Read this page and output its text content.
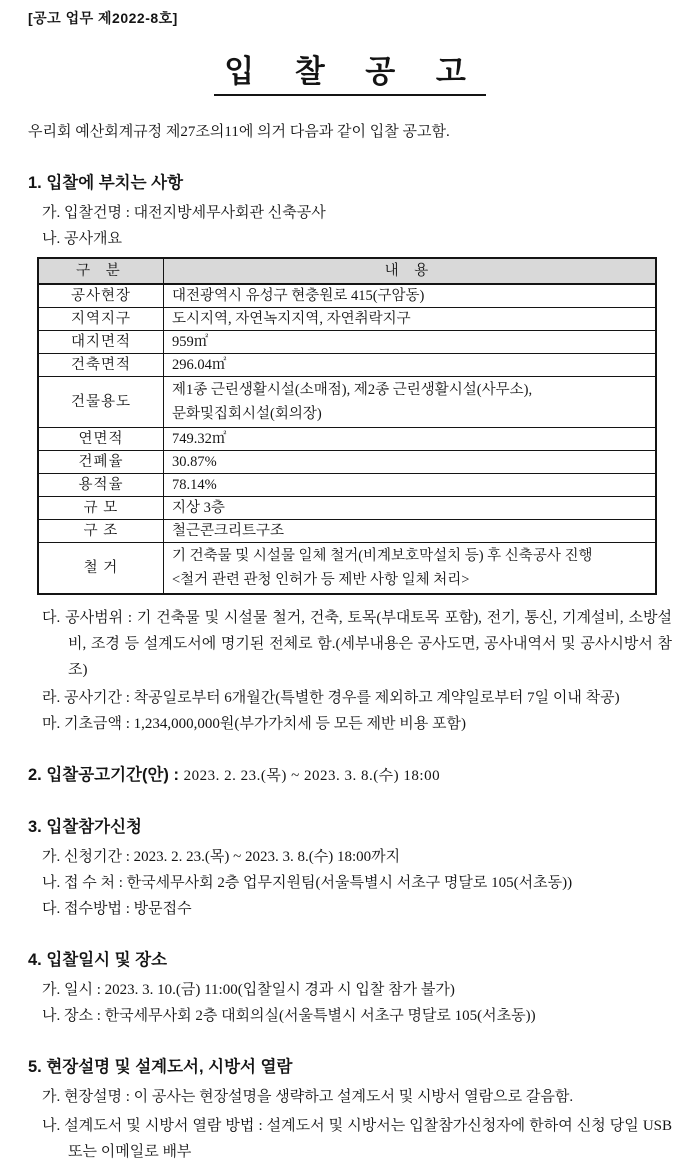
[공고 업무 제2022-8호]
입 찰 공 고
우리회 예산회계규정 제27조의11에 의거 다음과 같이 입찰 공고함.
1. 입찰에 부치는 사항
가. 입찰건명 : 대전지방세무사회관 신축공사
나. 공사개요
구 분	내 용
공사현장	대전광역시 유성구 현충원로 415(구암동)
지역지구	도시지역, 자연녹지지역, 자연취락지구
대지면적	959㎡
건축면적	296.04㎡
건물용도	제1종 근린생활시설(소매점), 제2종 근린생활시설(사무소),
문화및집회시설(회의장)

연면적	749.32㎡
건폐율	30.87%
용적율	78.14%
규 모	지상 3층
구 조	철근콘크리트구조
철 거	기 건축물 및 시설물 일체 철거(비계보호막설치 등) 후 신축공사 진행
<철거 관련 관청 인허가 등 제반 사항 일체 처리>
다. 공사범위 : 기 건축물 및 시설물 철거, 건축, 토목(부대토목 포함), 전기, 통신, 기계설비, 소방설비, 조경 등 설계도서에 명기된 전체로 함.(세부내용은 공사도면, 공사내역서 및 공사시방서 참조)
라. 공사기간 : 착공일로부터 6개월간(특별한 경우를 제외하고 계약일로부터 7일 이내 착공)
마. 기초금액 : 1,234,000,000원(부가가치세 등 모든 제반 비용 포함)
2. 입찰공고기간(안) : 2023. 2. 23.(목) ~ 2023. 3. 8.(수) 18:00
3. 입찰참가신청
가. 신청기간 : 2023. 2. 23.(목) ~ 2023. 3. 8.(수) 18:00까지
나. 접 수 처 : 한국세무사회 2층 업무지원팀(서울특별시 서초구 명달로 105(서초동))
다. 접수방법 : 방문접수
4. 입찰일시 및 장소
가. 일시 : 2023. 3. 10.(금) 11:00(입찰일시 경과 시 입찰 참가 불가)
나. 장소 : 한국세무사회 2층 대회의실(서울특별시 서초구 명달로 105(서초동))
5. 현장설명 및 설계도서, 시방서 열람
가. 현장설명 : 이 공사는 현장설명을 생략하고 설계도서 및 시방서 열람으로 갈음함.
나. 설계도서 및 시방서 열람 방법 : 설계도서 및 시방서는 입찰참가신청자에 한하여 신청 당일 USB 또는 이메일로 배부
